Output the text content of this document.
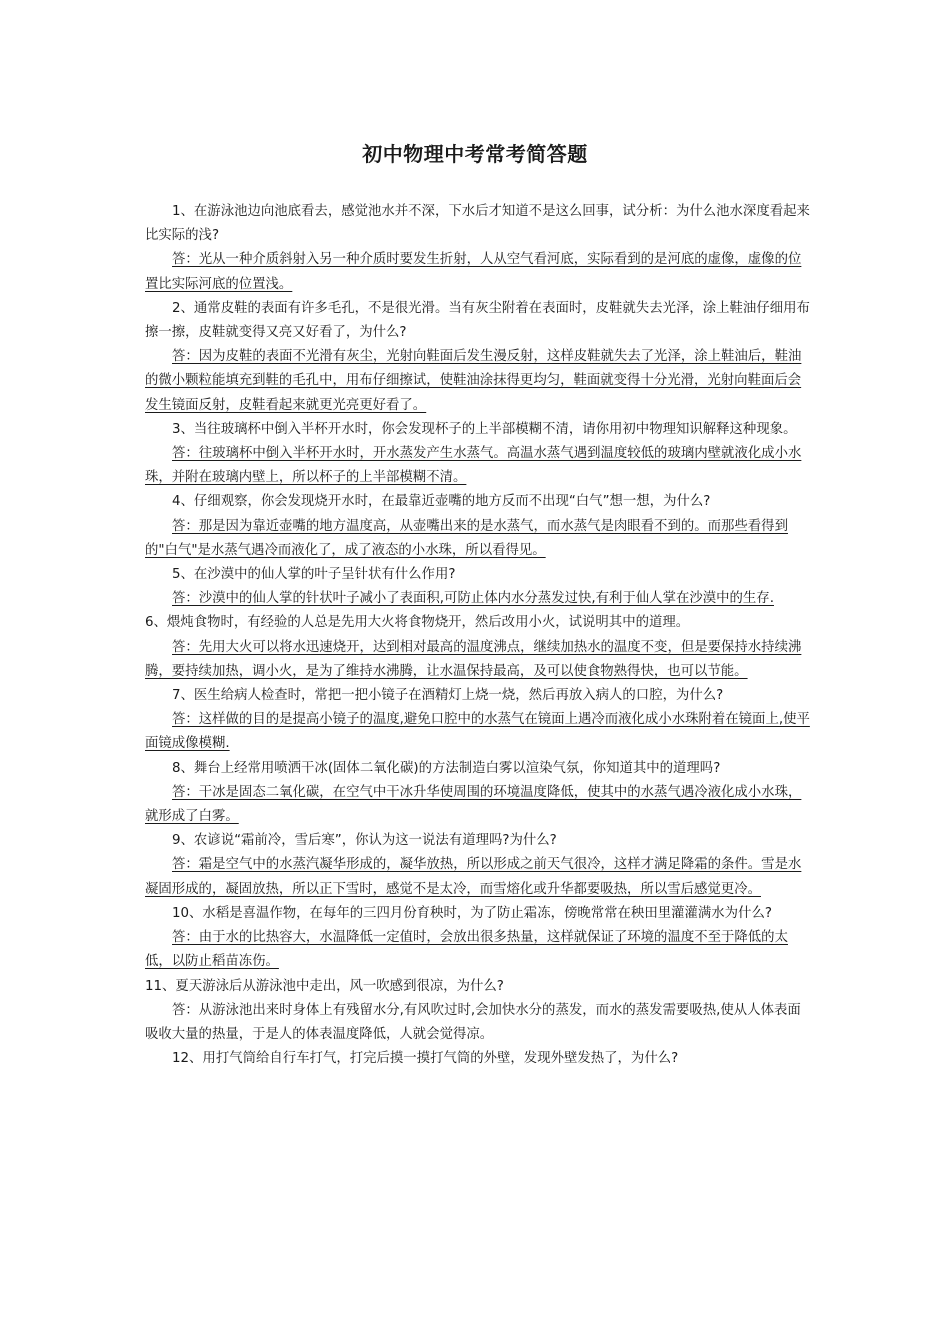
初中物理中考常考简答题

1、在游泳池边向池底看去，感觉池水并不深，下水后才知道不是这么回事，试分析：为什么池水深度看起来比实际的浅?

答：光从一种介质斜射入另一种介质时要发生折射，人从空气看河底，实际看到的是河底的虚像，虚像的位置比实际河底的位置浅。

2、通常皮鞋的表面有许多毛孔，不是很光滑。当有灰尘附着在表面时，皮鞋就失去光泽，涂上鞋油仔细用布擦一擦，皮鞋就变得又亮又好看了，为什么?

答：因为皮鞋的表面不光滑有灰尘，光射向鞋面后发生漫反射，这样皮鞋就失去了光泽，涂上鞋油后，鞋油的微小颗粒能填充到鞋的毛孔中，用布仔细擦试，使鞋油涂抹得更均匀，鞋面就变得十分光滑，光射向鞋面后会发生镜面反射，皮鞋看起来就更光亮更好看了。

3、当往玻璃杯中倒入半杯开水时，你会发现杯子的上半部模糊不清，请你用初中物理知识解释这种现象。

答：往玻璃杯中倒入半杯开水时，开水蒸发产生水蒸气。高温水蒸气遇到温度较低的玻璃内壁就液化成小水珠，并附在玻璃内壁上，所以杯子的上半部模糊不清。

4、仔细观察，你会发现烧开水时，在最靠近壶嘴的地方反而不出现“白气”想一想，为什么?

答：那是因为靠近壶嘴的地方温度高，从壶嘴出来的是水蒸气，而水蒸气是肉眼看不到的。而那些看得到的"白气"是水蒸气遇冷而液化了，成了液态的小水珠，所以看得见。

5、在沙漠中的仙人掌的叶子呈针状有什么作用?

答：沙漠中的仙人掌的针状叶子减小了表面积,可防止体内水分蒸发过快,有利于仙人掌在沙漠中的生存.

6、煨炖食物时，有经验的人总是先用大火将食物烧开，然后改用小火，试说明其中的道理。

答：先用大火可以将水迅速烧开，达到相对最高的温度沸点，继续加热水的温度不变，但是要保持水持续沸腾，要持续加热，调小火，是为了维持水沸腾，让水温保持最高，及可以使食物熟得快，也可以节能。

7、医生给病人检查时，常把一把小镜子在酒精灯上烧一烧，然后再放入病人的口腔，为什么?

答：这样做的目的是提高小镜子的温度,避免口腔中的水蒸气在镜面上遇冷而液化成小水珠附着在镜面上,使平面镜成像模糊.

8、舞台上经常用喷洒干冰(固体二氧化碳)的方法制造白雾以渲染气氛，你知道其中的道理吗?

答：干冰是固态二氧化碳，在空气中干冰升华使周围的环境温度降低，使其中的水蒸气遇冷液化成小水珠，就形成了白雾。

9、农谚说“霜前冷，雪后寒”，你认为这一说法有道理吗?为什么?

答：霜是空气中的水蒸汽凝华形成的，凝华放热，所以形成之前天气很冷，这样才满足降霜的条件。雪是水凝固形成的，凝固放热，所以正下雪时，感觉不是太冷，而雪熔化或升华都要吸热，所以雪后感觉更冷。

10、水稻是喜温作物，在每年的三四月份育秧时，为了防止霜冻，傍晚常常在秧田里灌灌满水为什么?

答：由于水的比热容大，水温降低一定值时，会放出很多热量，这样就保证了环境的温度不至于降低的太低，以防止稻苗冻伤。

11、夏天游泳后从游泳池中走出，风一吹感到很凉，为什么?

答：从游泳池出来时身体上有残留水分,有风吹过时,会加快水分的蒸发，而水的蒸发需要吸热,使从人体表面吸收大量的热量，于是人的体表温度降低，人就会觉得凉。

12、用打气筒给自行车打气，打完后摸一摸打气筒的外壁，发现外壁发热了，为什么?
